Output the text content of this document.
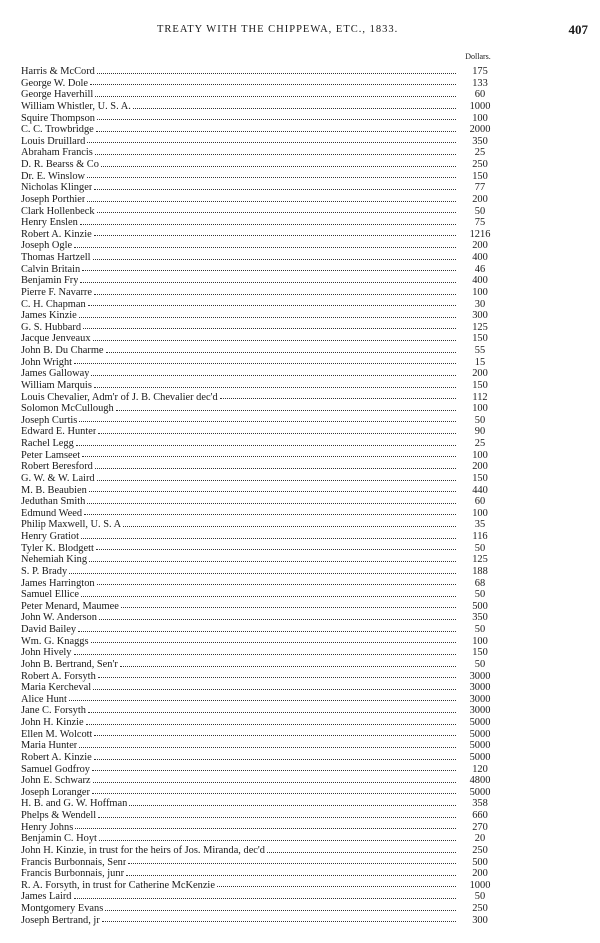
TREATY WITH THE CHIPPEWA, ETC., 1833.	407
Dollars.
Harris & McCord	175
George W. Dole	133
George Haverhill	60
William Whistler, U. S. A.	1000
Squire Thompson	100
C. C. Trowbridge	2000
Louis Druillard	350
Abraham Francis	25
D. R. Bearss & Co	250
Dr. E. Winslow	150
Nicholas Klinger	77
Joseph Porthier	200
Clark Hollenbeck	50
Henry Enslen	75
Robert A. Kinzie	1216
Joseph Ogle	200
Thomas Hartzell	400
Calvin Britain	46
Benjamin Fry	400
Pierre F. Navarre	100
C. H. Chapman	30
James Kinzie	300
G. S. Hubbard	125
Jacque Jenveaux	150
John B. Du Charme	55
John Wright	15
James Galloway	200
William Marquis	150
Louis Chevalier, Adm'r of J. B. Chevalier dec'd	112
Solomon McCullough	100
Joseph Curtis	50
Edward E. Hunter	90
Rachel Legg	25
Peter Lamseet	100
Robert Beresford	200
G. W. & W. Laird	150
M. B. Beaubien	440
Jeduthan Smith	60
Edmund Weed	100
Philip Maxwell, U. S. A	35
Henry Gratiot	116
Tyler K. Blodgett	50
Nehemiah King	125
S. P. Brady	188
James Harrington	68
Samuel Ellice	50
Peter Menard, Maumee	500
John W. Anderson	350
David Bailey	50
Wm. G. Knaggs	100
John Hively	150
John B. Bertrand, Sen'r	50
Robert A. Forsyth	3000
Maria Kercheval	3000
Alice Hunt	3000
Jane C. Forsyth	3000
John H. Kinzie	5000
Ellen M. Wolcott	5000
Maria Hunter	5000
Robert A. Kinzie	5000
Samuel Godfroy	120
John E. Schwarz	4800
Joseph Loranger	5000
H. B. and G. W. Hoffman	358
Phelps & Wendell	660
Henry Johns	270
Benjamin C. Hoyt	20
John H. Kinzie, in trust for the heirs of Jos. Miranda, dec'd	250
Francis Burbonnais, Senr	500
Francis Burbonnais, junr	200
R. A. Forsyth, in trust for Catherine McKenzie	1000
James Laird	50
Montgomery Evans	250
Joseph Bertrand, jr	300
